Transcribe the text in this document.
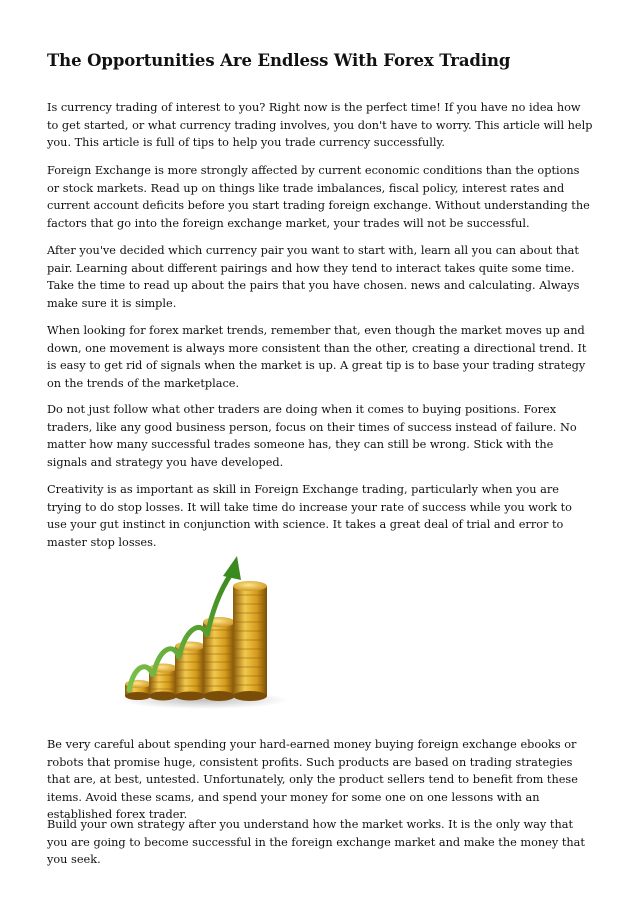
The Opportunities Are Endless With Forex Trading

Is currency trading of interest to you? Right now is the perfect time! If you have no idea how to get started, or what currency trading involves, you don't have to worry. This article will help you. This article is full of tips to help you trade currency successfully.

Foreign Exchange is more strongly affected by current economic conditions than the options or stock markets. Read up on things like trade imbalances, fiscal policy, interest rates and current account deficits before you start trading foreign exchange. Without understanding the factors that go into the foreign exchange market, your trades will not be successful.

After you've decided which currency pair you want to start with, learn all you can about that pair. Learning about different pairings and how they tend to interact takes quite some time. Take the time to read up about the pairs that you have chosen. news and calculating. Always make sure it is simple.

When looking for forex market trends, remember that, even though the market moves up and down, one movement is always more consistent than the other, creating a directional trend. It is easy to get rid of signals when the market is up. A great tip is to base your trading strategy on the trends of the marketplace.

Do not just follow what other traders are doing when it comes to buying positions. Forex traders, like any good business person, focus on their times of success instead of failure. No matter how many successful trades someone has, they can still be wrong. Stick with the signals and strategy you have developed.

Creativity is as important as skill in Foreign Exchange trading, particularly when you are trying to do stop losses. It will take time do increase your rate of success while you work to use your gut instinct in conjunction with science. It takes a great deal of trial and error to master stop losses.

Be very careful about spending your hard-earned money buying foreign exchange ebooks or robots that promise huge, consistent profits. Such products are based on trading strategies that are, at best, untested. Unfortunately, only the product sellers tend to benefit from these items. Avoid these scams, and spend your money for some one on one lessons with an established forex trader.

Build your own strategy after you understand how the market works. It is the only way that you are going to become successful in the foreign exchange market and make the money that you seek.
